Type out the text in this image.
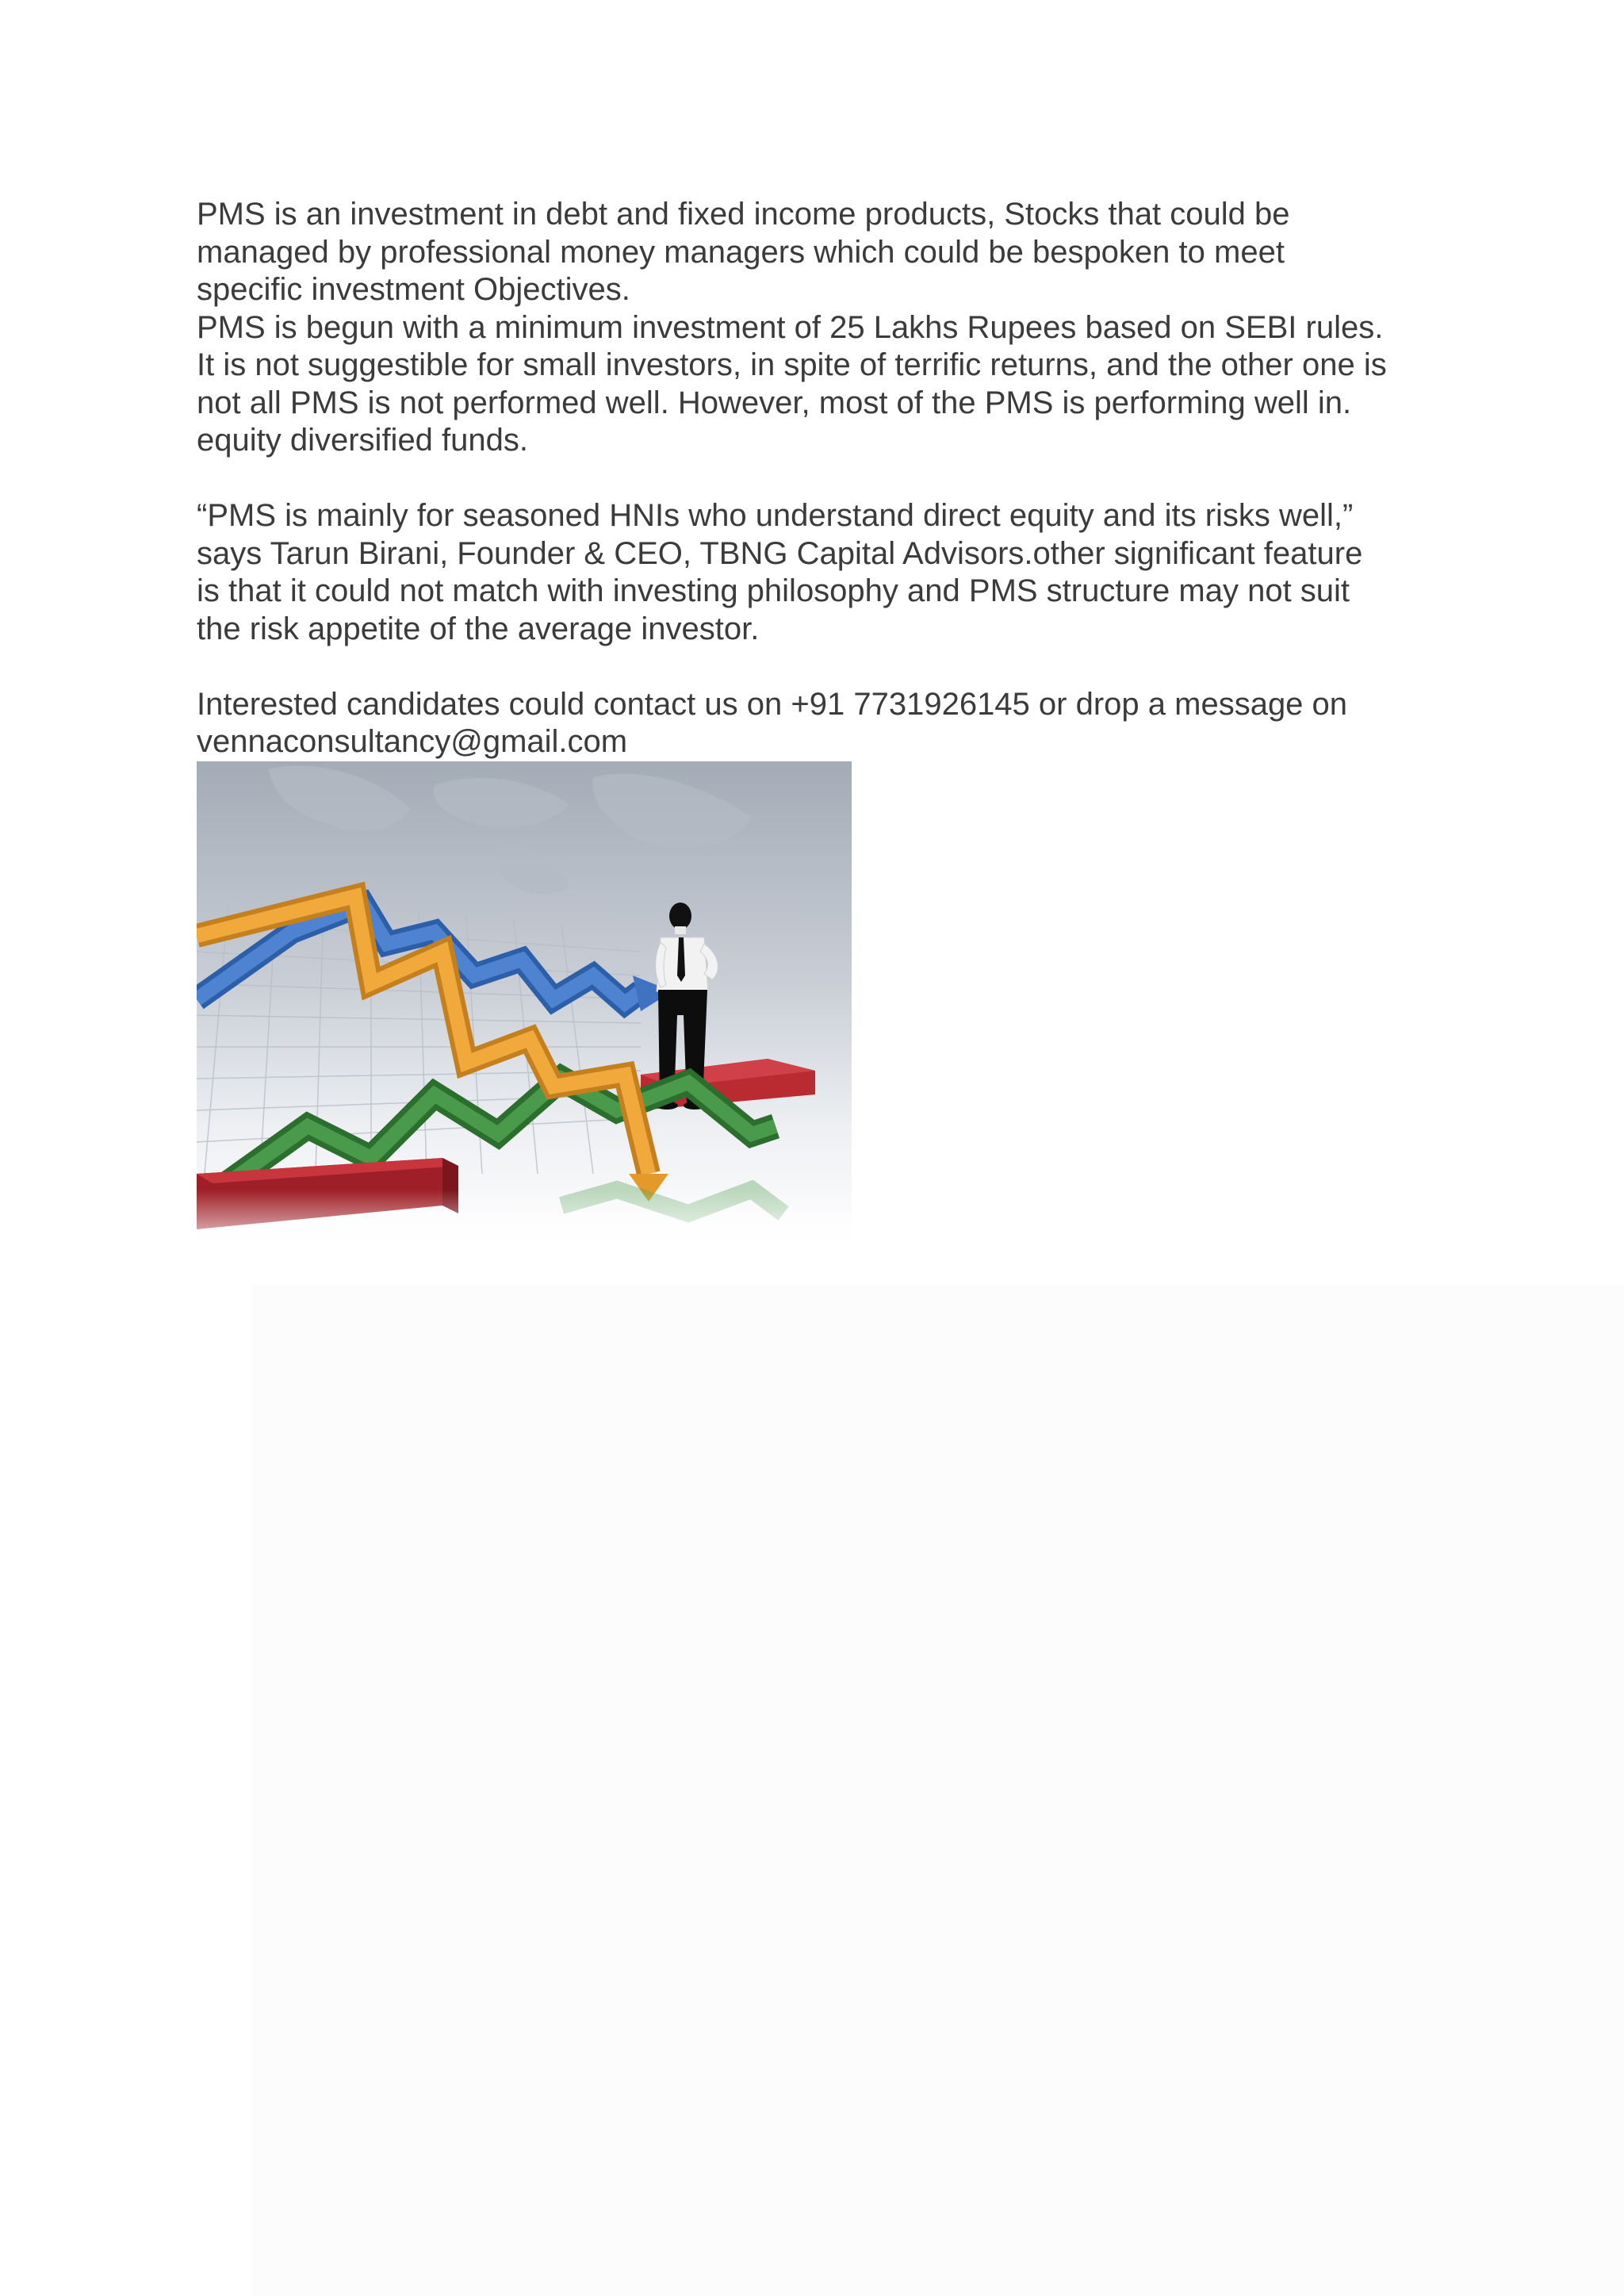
PMS is an investment in debt and fixed income products, Stocks that could be

managed by professional money managers which could be bespoken to meet

specific investment Objectives.

PMS is begun with a minimum investment of 25 Lakhs Rupees based on SEBI rules.

It is not suggestible for small investors, in spite of terrific returns, and the other one is

not all PMS is not performed well. However, most of the PMS is performing well in.

equity diversified funds.

“PMS is mainly for seasoned HNIs who understand direct equity and its risks well,”

says Tarun Birani, Founder & CEO, TBNG Capital Advisors.other significant feature

is that it could not match with investing philosophy and PMS structure may not suit

the risk appetite of the average investor.

Interested candidates could contact us on +91 7731926145 or drop a message on

vennaconsultancy@gmail.com
